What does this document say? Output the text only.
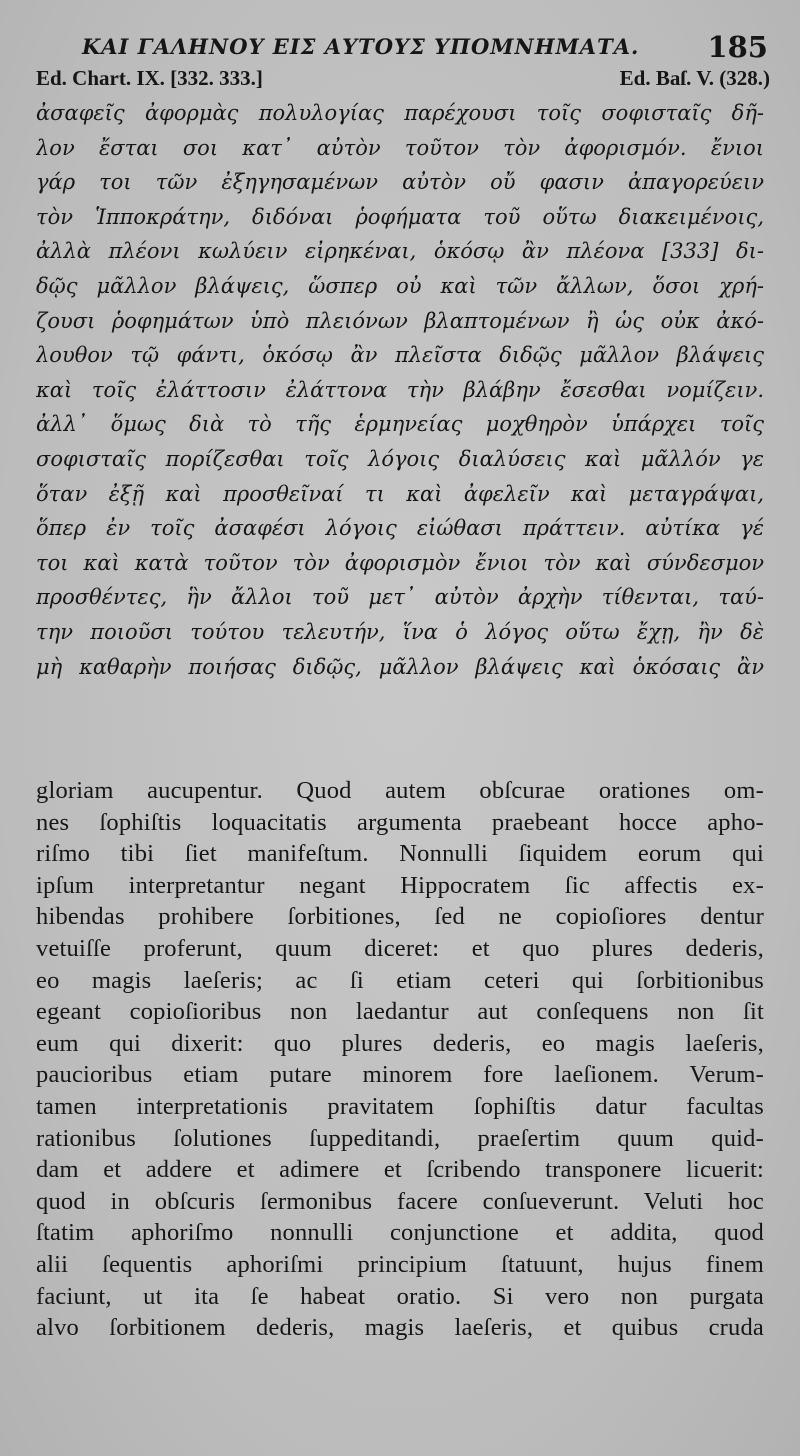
ΚΑΙ ΓΑΛΗΝΟΥ ΕΙΣ ΑΥΤΟΥΣ ΥΠΟΜΝΗΜΑΤΑ. 185
Ed. Chart. IX. [332. 333.]	Ed. Baſ. V. (328.)
ἀσαφεῖς ἀφορμὰς πολυλογίας παρέχουσι τοῖς σοφισταῖς δῆ-
λον ἔσται σοι κατ᾽ αὐτὸν τοῦτον τὸν ἀφορισμόν. ἔνιοι
γάρ τοι τῶν ἐξηγησαμένων αὐτὸν οὔ φασιν ἀπαγορεύειν
τὸν Ἱπποκράτην, διδόναι ῥοφήματα τοῦ οὕτω διακειμένοις,
ἀλλὰ πλέονι κωλύειν εἰρηκέναι, ὁκόσῳ ἂν πλέονα [333] δι-
δῷς μᾶλλον βλάψεις, ὥσπερ οὐ καὶ τῶν ἄλλων, ὅσοι χρή-
ζουσι ῥοφημάτων ὑπὸ πλειόνων βλαπτομένων ἢ ὡς οὐκ ἀκό-
λουθον τῷ φάντι, ὁκόσῳ ἂν πλεῖστα διδῷς μᾶλλον βλάψεις
καὶ τοῖς ἐλάττοσιν ἐλάττονα τὴν βλάβην ἔσεσθαι νομίζειν.
ἀλλ᾽ ὅμως διὰ τὸ τῆς ἑρμηνείας μοχθηρὸν ὑπάρχει τοῖς
σοφισταῖς πορίζεσθαι τοῖς λόγοις διαλύσεις καὶ μᾶλλόν γε
ὅταν ἐξῇ καὶ προσθεῖναί τι καὶ ἀφελεῖν καὶ μεταγράψαι,
ὅπερ ἐν τοῖς ἀσαφέσι λόγοις εἰώθασι πράττειν. αὐτίκα γέ
τοι καὶ κατὰ τοῦτον τὸν ἀφορισμὸν ἔνιοι τὸν καὶ σύνδεσμον
προσθέντες, ἣν ἄλλοι τοῦ μετ᾽ αὐτὸν ἀρχὴν τίθενται, ταύ-
την ποιοῦσι τούτου τελευτήν, ἵνα ὁ λόγος οὕτω ἔχῃ, ἢν δὲ
μὴ καθαρὴν ποιήσας διδῷς, μᾶλλον βλάψεις καὶ ὁκόσαις ἂν
gloriam aucupentur. Quod autem obſcurae orationes om-
nes ſophiſtis loquacitatis argumenta praebeant hocce apho-
riſmo tibi ſiet manifeſtum. Nonnulli ſiquidem eorum qui
ipſum interpretantur negant Hippocratem ſic affectis ex-
hibendas prohibere ſorbitiones, ſed ne copioſiores dentur
vetuiſſe proferunt, quum diceret: et quo plures dederis,
eo magis laeſeris; ac ſi etiam ceteri qui ſorbitionibus
egeant copioſioribus non laedantur aut conſequens non ſit
eum qui dixerit: quo plures dederis, eo magis laeſeris,
paucioribus etiam putare minorem fore laeſionem. Verum-
tamen interpretationis pravitatem ſophiſtis datur facultas
rationibus ſolutiones ſuppeditandi, praeſertim quum quid-
dam et addere et adimere et ſcribendo transponere licuerit:
quod in obſcuris ſermonibus facere conſueverunt. Veluti hoc
ſtatim aphoriſmo nonnulli conjunctione et addita, quod
alii ſequentis aphoriſmi principium ſtatuunt, hujus finem
faciunt, ut ita ſe habeat oratio. Si vero non purgata
alvo ſorbitionem dederis, magis laeſeris, et quibus cruda
